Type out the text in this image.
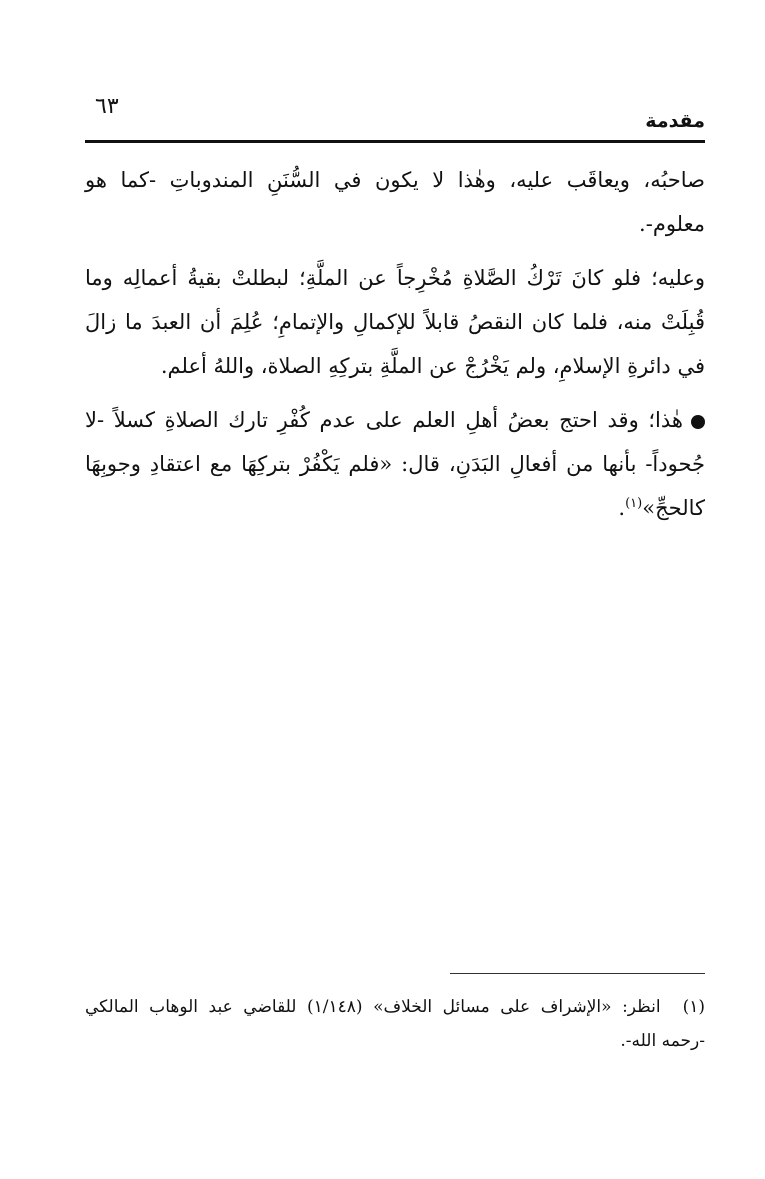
٦٣
مقدمة

صاحبُه، ويعاقَب عليه، وهٰذا لا يكون في السُّنَنِ المندوباتِ -كما هو معلوم-.

وعليه؛ فلو كانَ تَرْكُ الصَّلاةِ مُخْرِجاً عن الملَّةِ؛ لبطلتْ بقيةُ أعمالِه وما قُبِلَتْ منه، فلما كان النقصُ قابلاً للإكمالِ والإتمامِ؛ عُلِمَ أن العبدَ ما زالَ في دائرةِ الإسلامِ، ولم يَخْرُجْ عن الملَّةِ بتركِهِ الصلاة، واللهُ أعلم.

هٰذا؛ وقد احتج بعضُ أهلِ العلم على عدم كُفْرِ تارك الصلاةِ كسلاً -لا جُحوداً- بأنها من أفعالِ البَدَنِ، قال: «فلم يَكْفُرْ بتركِهَا مع اعتقادِ وجوبِهَا كالحجِّ»$^{(١)}$.

(١)انظر: «الإشراف على مسائل الخلاف» (١/١٤٨) للقاضي عبد الوهاب المالكي -رحمه الله-.
